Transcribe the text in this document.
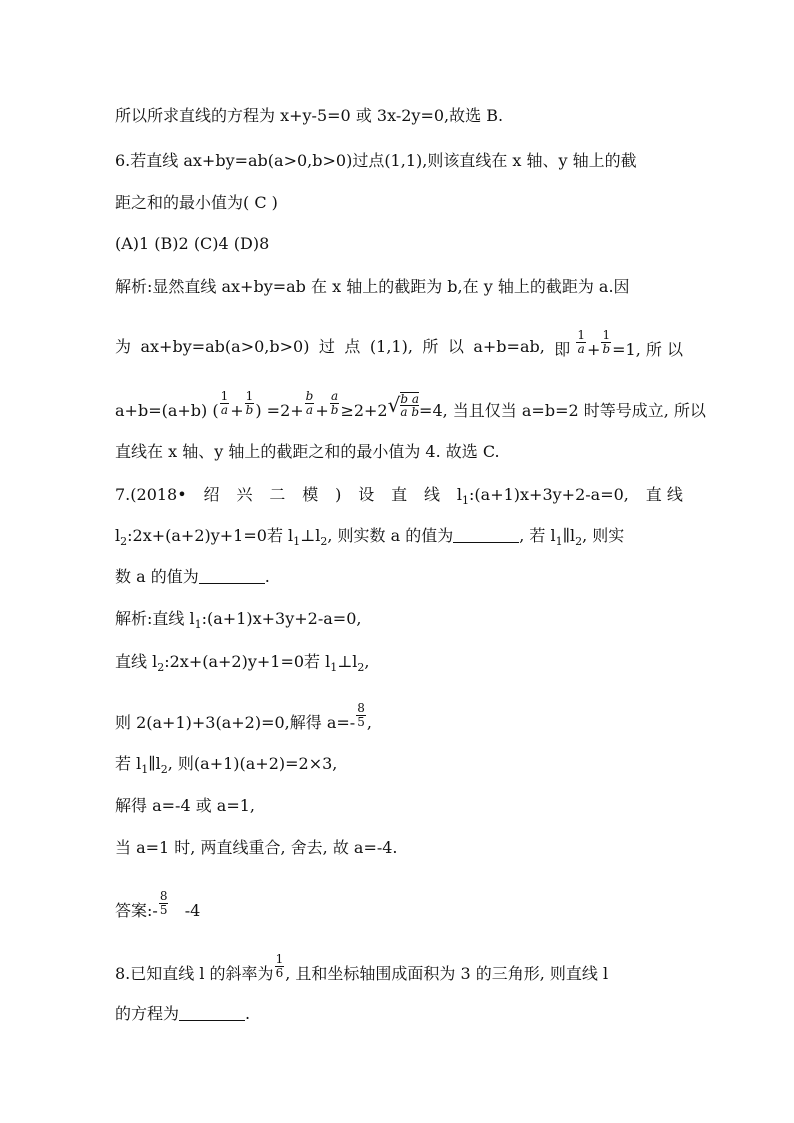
所以所求直线的方程为 x+y-5=0 或 3x-2y=0,故选 B.
6.若直线 ax+by=ab(a>0,b>0)过点(1,1),则该直线在 x 轴、y 轴上的截
距之和的最小值为( C )
(A)1 (B)2 (C)4 (D)8
解析:显然直线 ax+by=ab 在 x 轴上的截距为 b,在 y 轴上的截距为 a.因
为 ax+by=ab(a>0,b>0) 过 点 (1,1), 所 以 a+b=ab, 即 $\frac{1}{a} + \frac{1}{b} =1$, 所 以
a+b=(a+b) ( $\frac{1}{a} + \frac{1}{b}$ ) $=2+ \frac{b}{a} + \frac{a}{b} \ge 2+2√ \frac{\text{b a}}{\text{a b}} =4$, 当且仅当 a=b=2 时等号成立, 所以
直线在 x 轴、y 轴上的截距之和的最小值为 4. 故选 C.
7.(2018• 绍 兴 二 模 ) 设 直 线 $l_1:(a+1)x+3y+2-a=0$, 直 线
$l_2:2x+(a+2)y+1=0$若 $l_1\perp l_2$, 则实数 a 的值为	, 若 $l_1\parallel l_2$, 则实
数 a 的值为	.
解析:直线 $l_1:(a+1)x+3y+2-a=0$,
直线 $l_2:2x+(a+2)y+1=0$若 $l_1\perp l_2$,
则 2(a+1)+3(a+2)=0,解得 $a=- \frac{8}{5}$ ,
若 $l_1\parallel l_2$, 则(a+1)(a+2)=2×3,
解得 a=-4 或 a=1,
当 a=1 时, 两直线重合, 舍去, 故 a=-4.
答案:- $\frac{8}{5} -4$
8.已知直线 l 的斜率为 $\frac{1}{6}$ , 且和坐标轴围成面积为 3 的三角形, 则直线 l
的方程为	.
